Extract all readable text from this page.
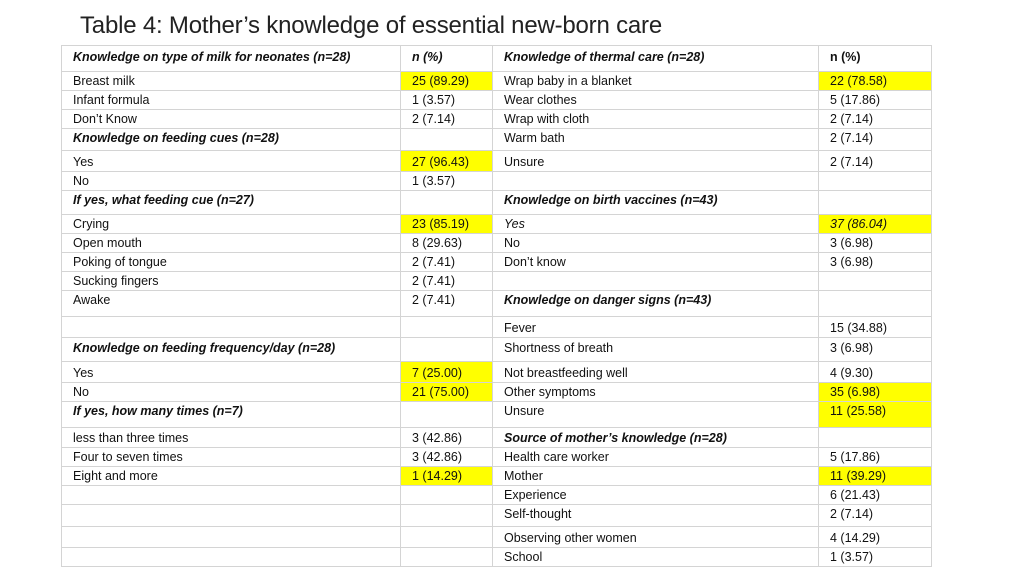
Table 4: Mother’s knowledge of essential new-born care
Knowledge on type of milk for neonates (n=28)	n (%)	Knowledge of thermal care (n=28)	n (%)
Breast milk	25 (89.29)	Wrap baby in a blanket	22 (78.58)
Infant formula	1 (3.57)	Wear clothes	5 (17.86)
Don’t Know	2 (7.14)	Wrap with cloth	2 (7.14)
Knowledge on feeding cues (n=28)		Warm bath	2 (7.14)
Yes	27 (96.43)	Unsure	2 (7.14)
No	1 (3.57)		
If yes, what feeding cue (n=27)		Knowledge on birth vaccines (n=43)	
Crying	23 (85.19)	Yes	37 (86.04)
Open mouth	8 (29.63)	No	3 (6.98)
Poking of tongue	2 (7.41)	Don’t know	3 (6.98)
Sucking fingers	2 (7.41)		
Awake	2 (7.41)	Knowledge on danger signs (n=43)	
		Fever	15 (34.88)
Knowledge on feeding frequency/day (n=28)		Shortness of breath	3 (6.98)
Yes	7 (25.00)	Not breastfeeding well	4 (9.30)
No	21 (75.00)	Other symptoms	35 (6.98)
If yes, how many times (n=7)		Unsure	11 (25.58)
less than three times	3 (42.86)	Source of mother’s knowledge (n=28)	
Four to seven times	3 (42.86)	Health care worker	5 (17.86)
Eight and more	1 (14.29)	Mother	11 (39.29)
		Experience	6 (21.43)
		Self-thought	2 (7.14)
		Observing other women	4 (14.29)
		School	1 (3.57)
